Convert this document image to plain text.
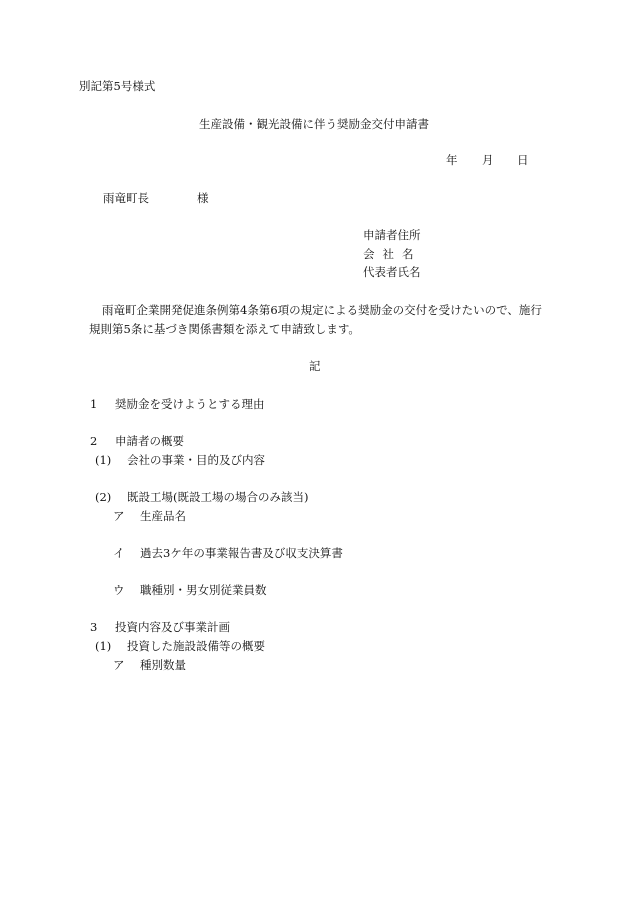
別記第5号様式
生産設備・観光設備に伴う奨励金交付申請書
年 月 日
雨竜町長	様
申請者住所
会社名
代表者氏名
雨竜町企業開発促進条例第4条第6項の規定による奨励金の交付を受けたいので、施行
規則第5条に基づき関係書類を添えて申請致します。
記
1 奨励金を受けようとする理由
2 申請者の概要
(1) 会社の事業・目的及び内容
(2) 既設工場(既設工場の場合のみ該当)
ア 生産品名
イ 過去3ケ年の事業報告書及び収支決算書
ウ 職種別・男女別従業員数
3 投資内容及び事業計画
(1) 投資した施設設備等の概要
ア 種別数量
